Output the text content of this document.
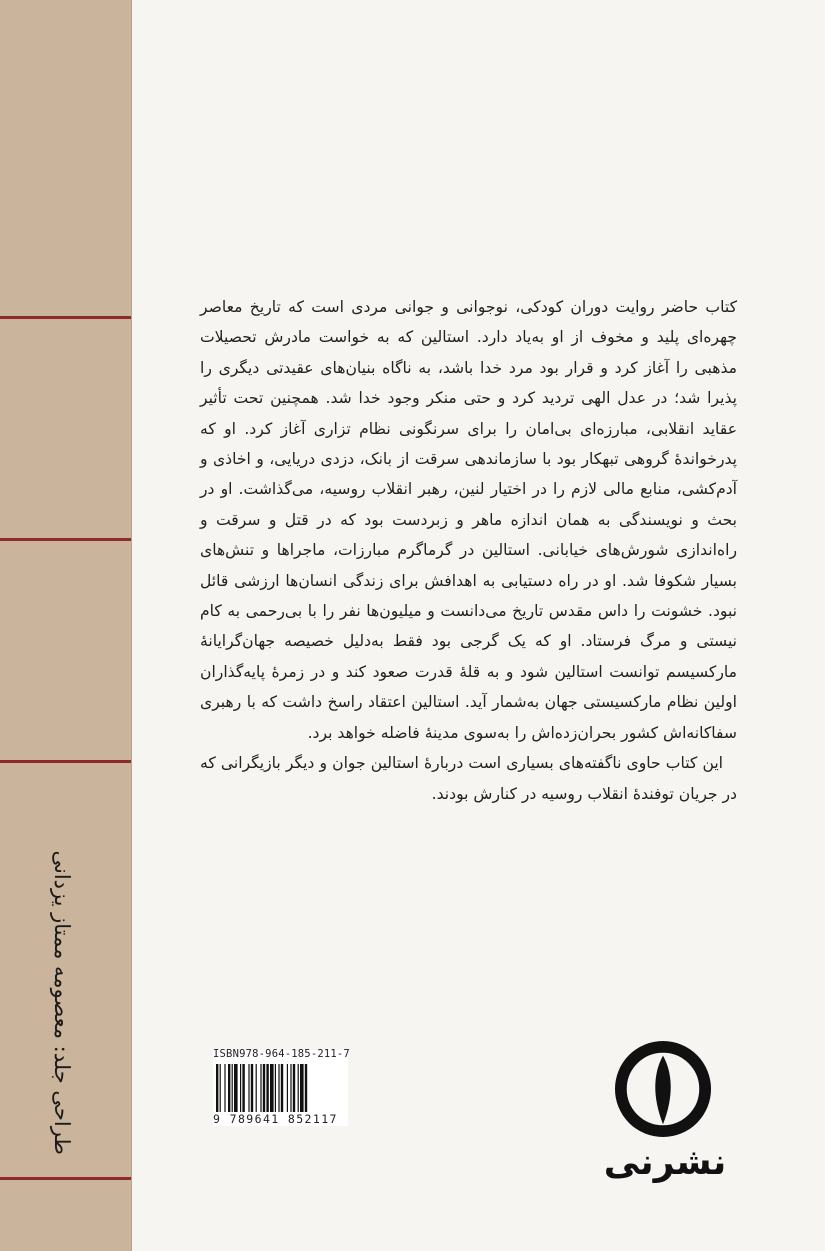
طراحی جلد: معصومه ممتاز یزدانی

کتاب حاضر روایت دوران کودکی، نوجوانی و جوانی مردی است که تاریخ معاصر چهره‌ای پلید و مخوف از او به‌یاد دارد. استالین که به خواست مادرش تحصیلات مذهبی را آغاز کرد و قرار بود مرد خدا باشد، به ناگاه بنیان‌های عقیدتی دیگری را پذیرا شد؛ در عدل الهی تردید کرد و حتی منکر وجود خدا شد. همچنین تحت تأثیر عقاید انقلابی، مبارزه‌ای بی‌امان را برای سرنگونی نظام تزاری آغاز کرد. او که پدرخواندهٔ گروهی تبهکار بود با سازماندهی سرقت از بانک، دزدی دریایی، و اخاذی و آدم‌کشی، منابع مالی لازم را در اختیار لنین، رهبر انقلاب روسیه، می‌گذاشت. او در بحث و نویسندگی به همان اندازه ماهر و زبردست بود که در قتل و سرقت و راه‌اندازی شورش‌های خیابانی. استالین در گرماگرم مبارزات، ماجراها و تنش‌های بسیار شکوفا شد. او در راه دستیابی به اهدافش برای زندگی انسان‌ها ارزشی قائل نبود. خشونت را داس مقدس تاریخ می‌دانست و میلیون‌ها نفر را با بی‌رحمی به کام نیستی و مرگ فرستاد. او که یک گرجی بود فقط به‌دلیل خصیصه جهان‌گرایانهٔ مارکسیسم توانست استالین شود و به قلهٔ قدرت صعود کند و در زمرهٔ پایه‌گذاران اولین نظام مارکسیستی جهان به‌شمار آید. استالین اعتقاد راسخ داشت که با رهبری سفاکانه‌اش کشور بحران‌زده‌اش را به‌سوی مدینهٔ فاضله خواهد برد.

این کتاب حاوی ناگفته‌های بسیاری است دربارهٔ استالین جوان و دیگر بازیگرانی که در جریان توفندهٔ انقلاب روسیه در کنارش بودند.

ISBN978-964-185-211-7
9 789641 852117
نشرنی
